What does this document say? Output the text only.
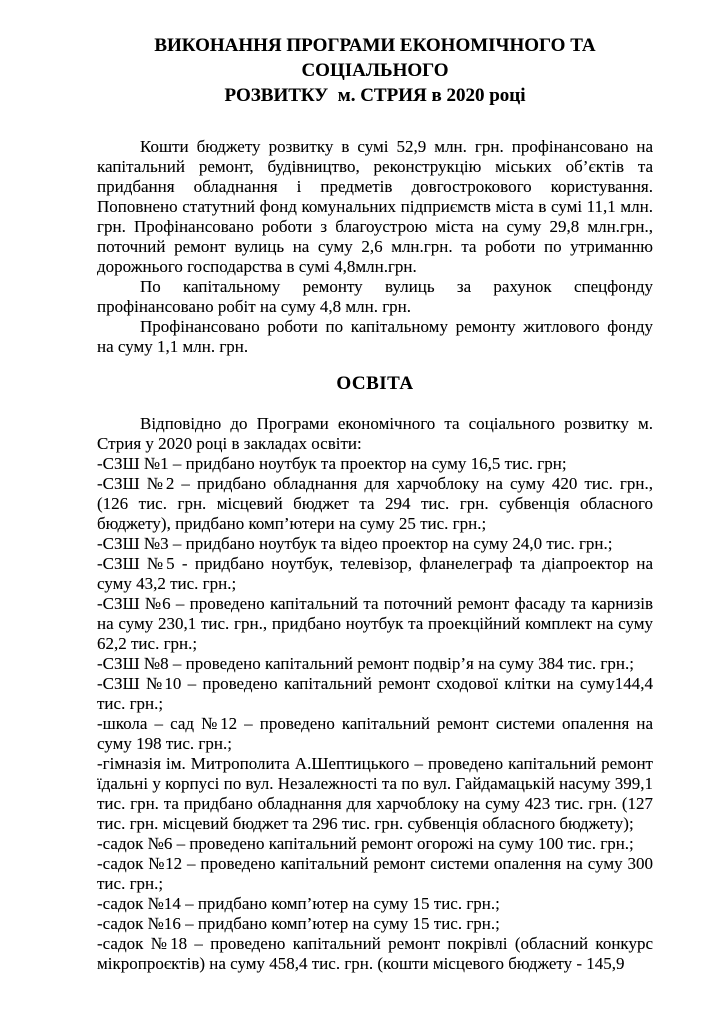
ВИКОНАННЯ ПРОГРАМИ ЕКОНОМІЧНОГО ТА СОЦІАЛЬНОГО
РОЗВИТКУ  м. СТРИЯ в 2020 році

Кошти бюджету розвитку в сумі 52,9 млн. грн. профінансовано на капітальний ремонт, будівництво, реконструкцію міських об’єктів та придбання обладнання і предметів довгострокового користування. Поповнено статутний фонд комунальних підприємств міста в сумі 11,1 млн. грн. Профінансовано роботи з благоустрою міста на суму 29,8 млн.грн., поточний ремонт вулиць на суму 2,6 млн.грн. та роботи по утриманню дорожнього господарства в сумі 4,8млн.грн.

По капітальному ремонту вулиць за рахунок спецфонду профінансовано робіт на суму 4,8 млн. грн.

Профінансовано роботи по капітальному ремонту житлового фонду на суму 1,1 млн. грн.

ОСВІТА

Відповідно до Програми економічного та соціального розвитку м. Стрия у 2020 році в закладах освіти:

-СЗШ №1 – придбано ноутбук та проектор на суму 16,5 тис. грн;

-СЗШ №2 – придбано обладнання для харчоблоку на суму 420 тис. грн., (126 тис. грн. місцевий бюджет та 294 тис. грн. субвенція обласного бюджету), придбано комп’ютери на суму 25 тис. грн.;

-СЗШ №3 – придбано ноутбук та відео проектор на суму 24,0 тис. грн.;

-СЗШ №5 - придбано ноутбук, телевізор, фланелеграф та діапроектор на суму 43,2 тис. грн.;

-СЗШ №6 – проведено капітальний та поточний ремонт фасаду та карнизів на суму 230,1 тис. грн., придбано ноутбук та проекційний комплект на суму 62,2 тис. грн.;

-СЗШ №8 – проведено капітальний ремонт подвір’я на суму 384 тис. грн.;

-СЗШ №10 – проведено капітальний ремонт сходової клітки на суму144,4 тис. грн.;

-школа – сад №12 – проведено капітальний ремонт системи опалення на суму 198 тис. грн.;

-гімназія ім. Митрополита А.Шептицького – проведено капітальний ремонт їдальні у корпусі по вул. Незалежності та по вул. Гайдамацькій насуму 399,1 тис. грн. та придбано обладнання для харчоблоку на суму 423 тис. грн. (127 тис. грн. місцевий бюджет та 296 тис. грн. субвенція обласного бюджету);

-садок №6 – проведено капітальний ремонт огорожі на суму 100 тис. грн.;

-садок №12 – проведено капітальний ремонт системи опалення на суму 300 тис. грн.;

-садок №14 – придбано комп’ютер на суму 15 тис. грн.;

-садок №16 – придбано комп’ютер на суму 15 тис. грн.;

-садок №18 – проведено капітальний ремонт покрівлі (обласний конкурс мікропроєктів) на суму 458,4 тис. грн. (кошти місцевого бюджету - 145,9
